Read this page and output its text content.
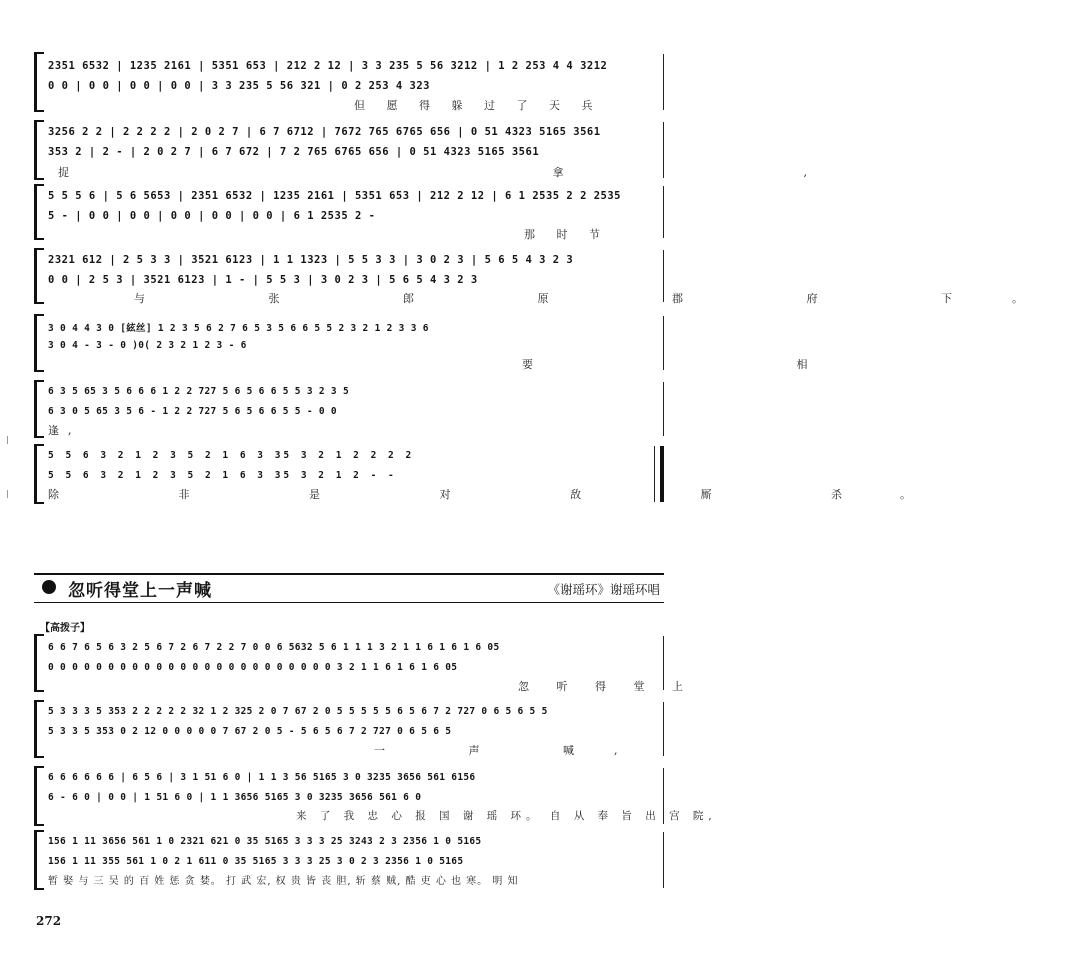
2351 6532 | 1235 2161 | 5351 653 | 212 2 12 | 3 3 235 5 56 3212 | 1 2 253 4 4 3212
0 0 | 0 0 | 0 0 | 0 0 | 3 3 235 5 56 321 | 0 2 253 4 323
但 愿 得 躲 过 了 天 兵
3256 2 2 | 2 2 2 2 | 2 0 2 7 | 6 7 6712 | 7672 765 6765 656 | 0 51 4323 5165 3561
353 2 | 2 - | 2 0 2 7 | 6 7 672 | 7 2 765 6765 656 | 0 51 4323 5165 3561
捉 拿,
5 5 5 6 | 5 6 5653 | 2351 6532 | 1235 2161 | 5351 653 | 212 2 12 | 6 1 2535 2 2 2535
5 - | 0 0 | 0 0 | 0 0 | 0 0 | 0 0 | 6 1 2535 2 -
那 时 节
2321 612 | 2 5 3 3 | 3521 6123 | 1 1 1323 | 5 5 3 3 | 3 0 2 3 | 5 6 5 4 3 2 3
0 0 | 2 5 3 | 3521 6123 | 1 - | 5 5 3 | 3 0 2 3 | 5 6 5 4 3 2 3
与 张 郎 原 郡 府 下。
3 0 4 4 3 0 [絃丝] 1 2 3 5 6 2 7 6 5 3 5 6 6 5 5 2 3 2 1 2 3 3 6
3 0 4 - 3 - 0 )0( 2 3 2 1 2 3 - 6
要 相
6 3 5 65 3 5 6 6 6 1 2 2 727 5 6 5 6 6 5 5 3 2 3 5
6 3 0 5 65 3 5 6 - 1 2 2 727 5 6 5 6 6 5 5 - 0 0
逢,
5 5 6 3 2 1 2 3 5 2 1 6 3 35 3 2 1 2 2 2 2
5 5 6 3 2 1 2 3 5 2 1 6 3 35 3 2 1 2 - -
除 非 是 对 敌 厮 杀。
忽听得堂上一声喊	《谢瑶环》谢瑶环唱
【高拨子】
6 6 7 6 5 6 3 2 5 6 7 2 6 7 2 2 7 0 0 6 5632 5 6 1 1 1 3 2 1 1 6 1 6 1 6 05
0 0 0 0 0 0 0 0 0 0 0 0 0 0 0 0 0 0 0 0 0 0 0 0 3 2 1 1 6 1 6 1 6 05
忽 听 得 堂 上
5 3 3 3 5 353 2 2 2 2 2 32 1 2 325 2 0 7 67 2 0 5 5 5 5 5 6 5 6 7 2 727 0 6 5 6 5 5
5 3 3 5 353 0 2 12 0 0 0 0 0 7 67 2 0 5 - 5 6 5 6 7 2 727 0 6 5 6 5
一 声 喊,
6 6 6 6 6 6 | 6 5 6 | 3 1 51 6 0 | 1 1 3 56 5165 3 0 3235 3656 561 6156
6 - 6 0 | 0 0 | 1 51 6 0 | 1 1 3656 5165 3 0 3235 3656 561 6 0
来 了 我 忠 心 报 国 谢 瑶 环。 自 从 奉 旨 出 宫 院,
156 1 11 3656 561 1 0 2321 621 0 35 5165 3 3 3 25 3243 2 3 2356 1 0 5165
156 1 11 355 561 1 0 2 1 611 0 35 5165 3 3 3 25 3 0 2 3 2356 1 0 5165
暂 娶 与 三 吴 的 百 姓 惩 贪 婪。 打 武 宏, 权 贵 皆 丧 胆, 斩 蔡 贼, 酷 吏 心 也 寒。 明 知
272
